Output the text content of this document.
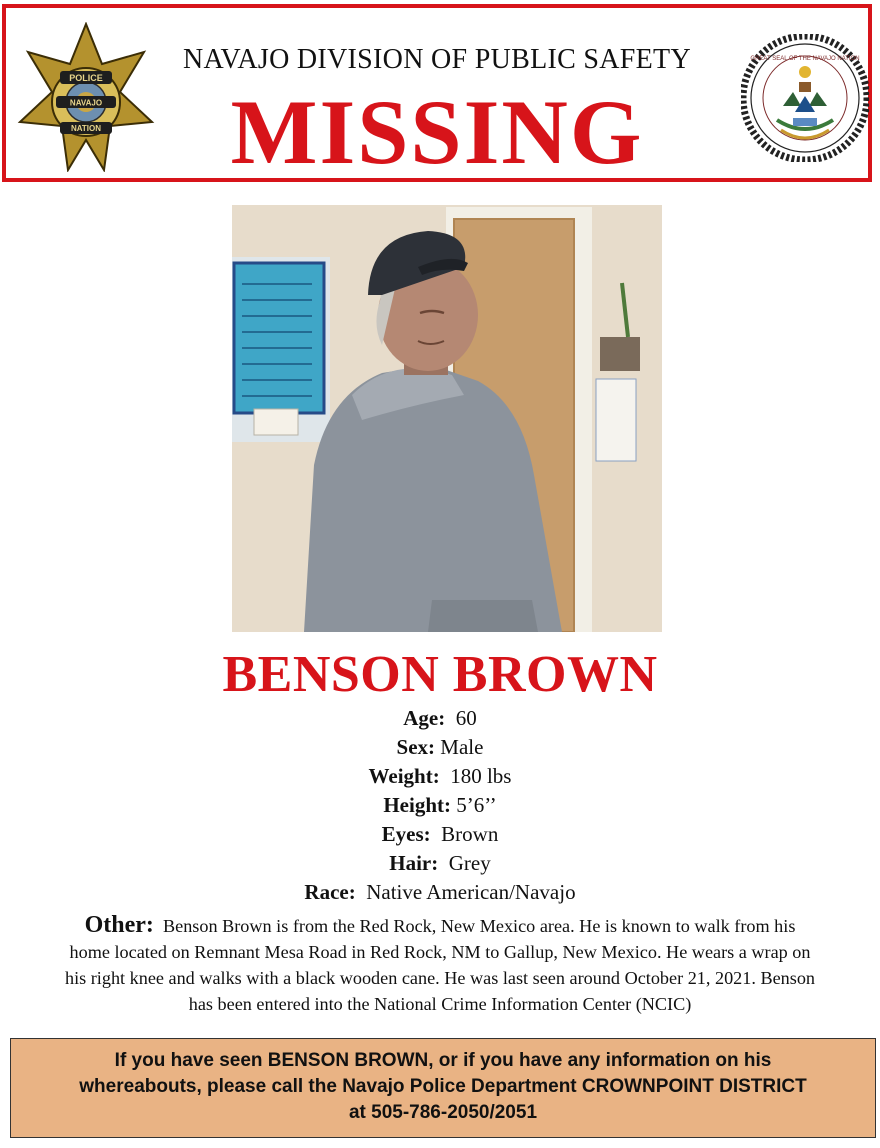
POLICE
NAVAJO
NATION
NAVAJO DIVISION OF PUBLIC SAFETY
MISSING
GREAT SEAL OF THE NAVAJO NATION
BENSON BROWN
Age: 60
Sex: Male
Weight: 180 lbs
Height: 5’6’’
Eyes: Brown
Hair: Grey
Race: Native American/Navajo
Other: Benson Brown is from the Red Rock, New Mexico area. He is known to walk from his
home located on Remnant Mesa Road in Red Rock, NM to Gallup, New Mexico. He wears a wrap on
his right knee and walks with a black wooden cane. He was last seen around October 21, 2021. Benson
has been entered into the National Crime Information Center (NCIC)
If you have seen BENSON BROWN, or if you have any information on his
whereabouts, please call the Navajo Police Department CROWNPOINT DISTRICT
at 505-786-2050/2051
